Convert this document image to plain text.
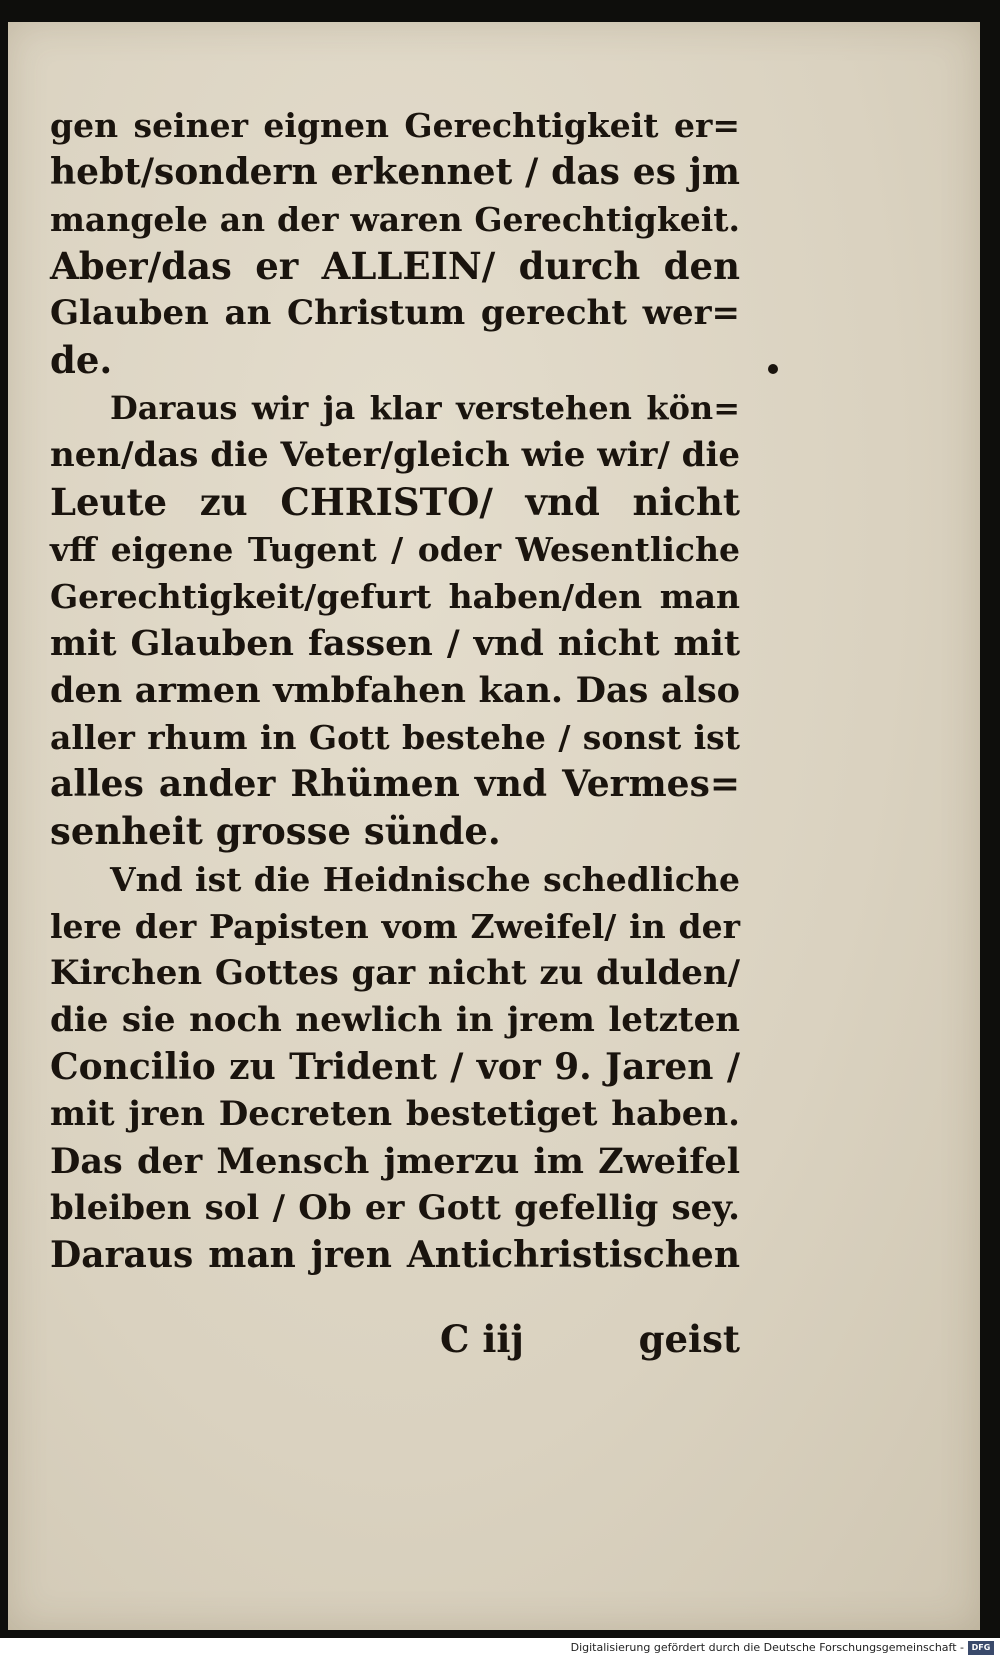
gen seiner eignen Gerechtigkeit er=
hebt/sondern erkennet / das es jm
mangele an der waren Gerechtigkeit.
Aber/das er ALLEIN/ durch den
Glauben an Christum gerecht wer=
de.
Daraus wir ja klar verstehen kön=
nen/das die Veter/gleich wie wir/ die
Leute zu CHRISTO/ vnd nicht
vff eigene Tugent / oder Wesentliche
Gerechtigkeit/gefurt haben/den man
mit Glauben fassen / vnd nicht mit
den armen vmbfahen kan. Das also
aller rhum in Gott bestehe / sonst ist
alles ander Rhümen vnd Vermes=
senheit grosse sünde.
Vnd ist die Heidnische schedliche
lere der Papisten vom Zweifel/ in der
Kirchen Gottes gar nicht zu dulden/
die sie noch newlich in jrem letzten
Concilio zu Trident / vor 9. Jaren /
mit jren Decreten bestetiget haben.
Das der Mensch jmerzu im Zweifel
bleiben sol / Ob er Gott gefellig sey.
Daraus man jren Antichristischen
C iij	geist
Digitalisierung gefördert durch die Deutsche Forschungsgemeinschaft - DFG
